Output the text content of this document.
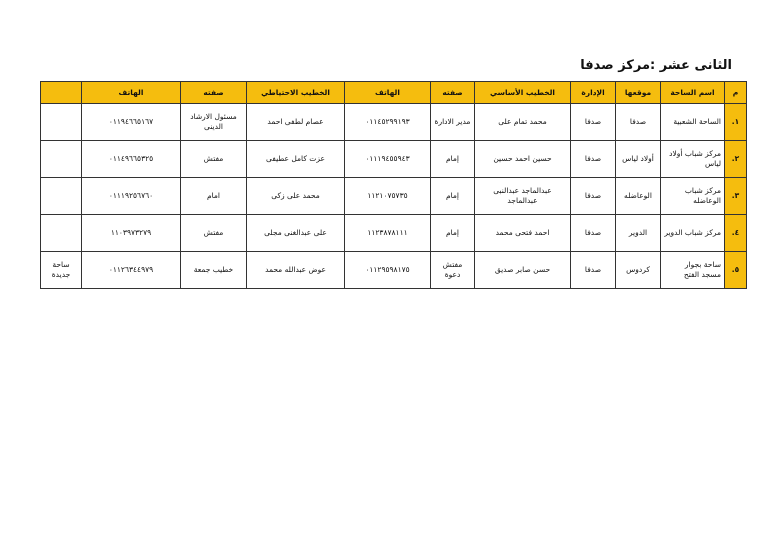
الثانى عشر :مركز صدفا
م	اسم الساحة	موقعها	الإدارة	الخطيب الأساسي	صفته	الهاتف	الخطيب الاحتياطي	صفته	الهاتف	
١.	الساحة الشعبية	صدفا	صدفا	محمد تمام على	مدير الادارة	٠١١٤٥٢٩٩١٩٣	عصام لطفى احمد	مسئول الارشاد الدينى	٠١١٩٤٦٦٥١٦٧	
٢.	مركز شباب أولاد لياس	أولاد لياس	صدفا	حسين احمد حسين	إمام	٠١١١٩٤٥٥٩٤٣	عزت كامل عطيفى	مفتش	٠١١٤٩٦٦٥٣٢٥	
٣.	مركز شباب الوعاضله	الوعاضله	صدفا	عبدالماجد عبدالنبى عبدالماجد	إمام	١١٢١٠٧٥٧٣٥	محمد على زكى	امام	٠١١١٩٢٥٦٧٦٠	
٤.	مركز شباب الدوير	الدوير	صدفا	احمد فتحى محمد	إمام	١١٢٣٨٧٨١١١	على عبدالغنى مجلى	مفتش	١١٠٣٩٧٣٢٧٩	
٥.	ساحة بجوار مسجد الفتح	كردوس	صدفا	حسن صابر صديق	مفتش دعوة	٠١١٢٩٥٩٨١٧٥	عوض عبدالله محمد	خطيب جمعة	٠١١٢٦٣٤٤٩٧٩	ساحة جديدة
